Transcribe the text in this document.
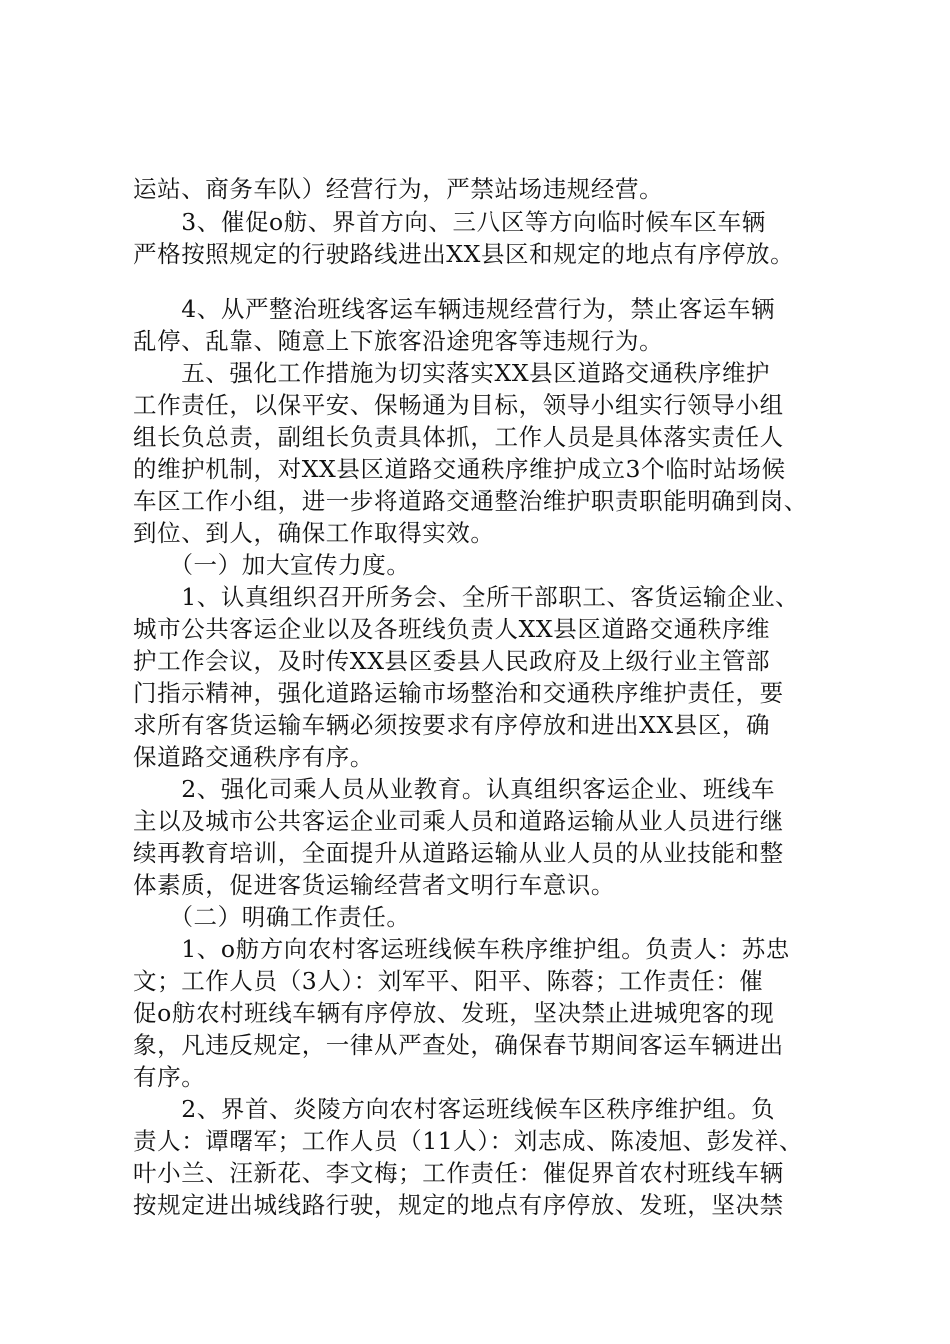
运站、商务车队）经营行为，严禁站场违规经营。
　　3、催促o舫、界首方向、三八区等方向临时候车区车辆
严格按照规定的行驶路线进出XX县区和规定的地点有序停放。
　　4、从严整治班线客运车辆违规经营行为，禁止客运车辆
乱停、乱靠、随意上下旅客沿途兜客等违规行为。
　　五、强化工作措施为切实落实XX县区道路交通秩序维护
工作责任，以保平安、保畅通为目标，领导小组实行领导小组
组长负总责，副组长负责具体抓，工作人员是具体落实责任人
的维护机制，对XX县区道路交通秩序维护成立3个临时站场候
车区工作小组，进一步将道路交通整治维护职责职能明确到岗、
到位、到人，确保工作取得实效。
　　（一）加大宣传力度。
　　1、认真组织召开所务会、全所干部职工、客货运输企业、
城市公共客运企业以及各班线负责人XX县区道路交通秩序维
护工作会议，及时传XX县区委县人民政府及上级行业主管部
门指示精神，强化道路运输市场整治和交通秩序维护责任，要
求所有客货运输车辆必须按要求有序停放和进出XX县区，确
保道路交通秩序有序。
　　2、强化司乘人员从业教育。认真组织客运企业、班线车
主以及城市公共客运企业司乘人员和道路运输从业人员进行继
续再教育培训，全面提升从道路运输从业人员的从业技能和整
体素质，促进客货运输经营者文明行车意识。
　　（二）明确工作责任。
　　1、o舫方向农村客运班线候车秩序维护组。负责人：苏忠
文；工作人员（3人）：刘军平、阳平、陈蓉；工作责任：催
促o舫农村班线车辆有序停放、发班，坚决禁止进城兜客的现
象，凡违反规定，一律从严查处，确保春节期间客运车辆进出
有序。
　　2、界首、炎陵方向农村客运班线候车区秩序维护组。负
责人：谭曙军；工作人员（11人）：刘志成、陈凌旭、彭发祥、
叶小兰、汪新花、李文梅；工作责任：催促界首农村班线车辆
按规定进出城线路行驶，规定的地点有序停放、发班，坚决禁
